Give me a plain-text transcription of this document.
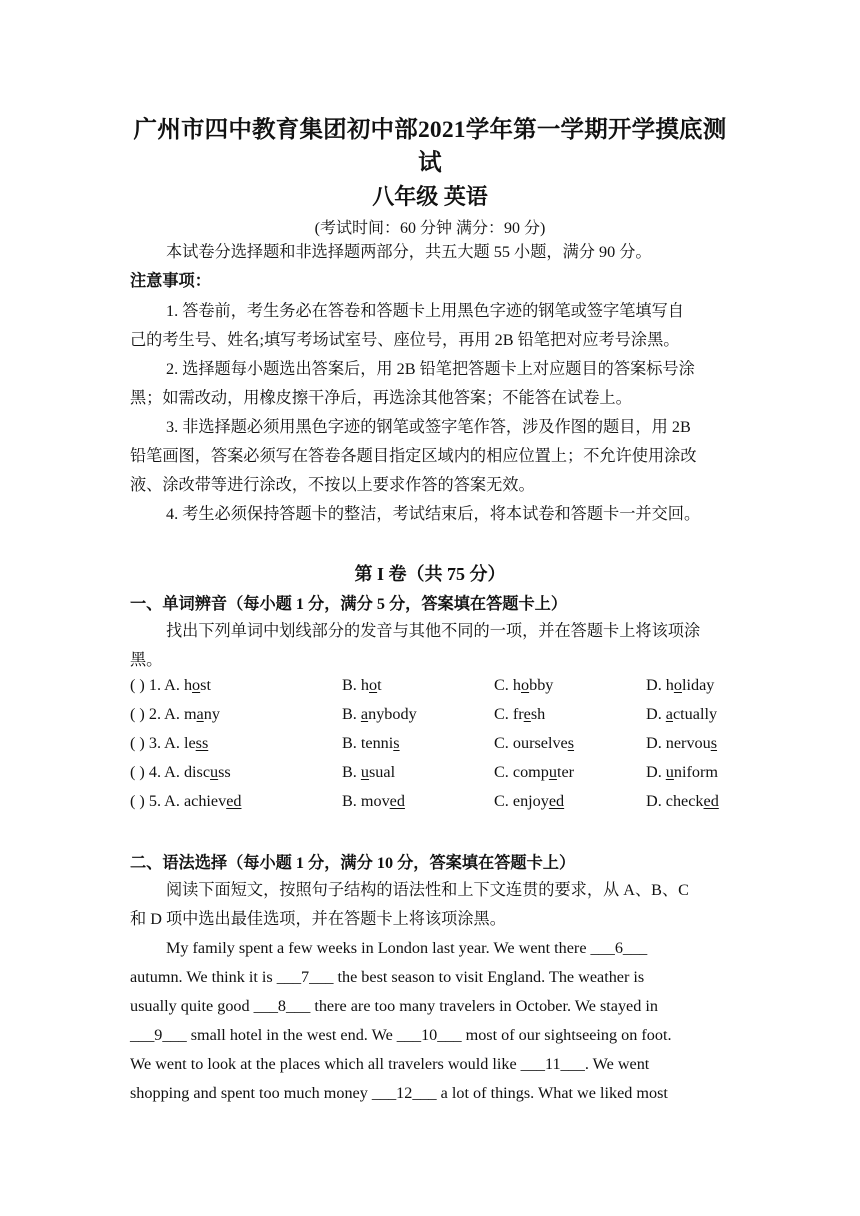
广州市四中教育集团初中部2021学年第一学期开学摸底测
试
八年级 英语
(考试时间：60 分钟 满分：90 分)
本试卷分选择题和非选择题两部分，共五大题 55 小题，满分 90 分。
注意事项：
1. 答卷前，考生务必在答卷和答题卡上用黑色字迹的钢笔或签字笔填写自
己的考生号、姓名;填写考场试室号、座位号，再用 2B 铅笔把对应考号涂黑。
2. 选择题每小题选出答案后，用 2B 铅笔把答题卡上对应题目的答案标号涂
黑；如需改动，用橡皮擦干净后，再选涂其他答案；不能答在试卷上。
3. 非选择题必须用黑色字迹的钢笔或签字笔作答，涉及作图的题目，用 2B
铅笔画图，答案必须写在答卷各题目指定区域内的相应位置上；不允许使用涂改
液、涂改带等进行涂改，不按以上要求作答的答案无效。
4. 考生必须保持答题卡的整洁，考试结束后，将本试卷和答题卡一并交回。
第 I 卷（共 75 分）
一、单词辨音（每小题 1 分，满分 5 分，答案填在答题卡上）
找出下列单词中划线部分的发音与其他不同的一项，并在答题卡上将该项涂
黑。
( ) 1. A. host	B. hot	C. hobby	D. holiday
( ) 2. A. many	B. anybody	C. fresh	D. actually
( ) 3. A. less	B. tennis	C. ourselves	D. nervous
( ) 4. A. discuss	B. usual	C. computer	D. uniform
( ) 5. A. achieved	B. moved	C. enjoyed	D. checked
二、语法选择（每小题 1 分，满分 10 分，答案填在答题卡上）
阅读下面短文，按照句子结构的语法性和上下文连贯的要求，从 A、B、C
和 D 项中选出最佳选项，并在答题卡上将该项涂黑。
My family spent a few weeks in London last year. We went there ___6___
autumn. We think it is ___7___ the best season to visit England. The weather is
usually quite good ___8___ there are too many travelers in October. We stayed in
___9___ small hotel in the west end. We ___10___ most of our sightseeing on foot.
We went to look at the places which all travelers would like ___11___. We went
shopping and spent too much money ___12___ a lot of things. What we liked most
